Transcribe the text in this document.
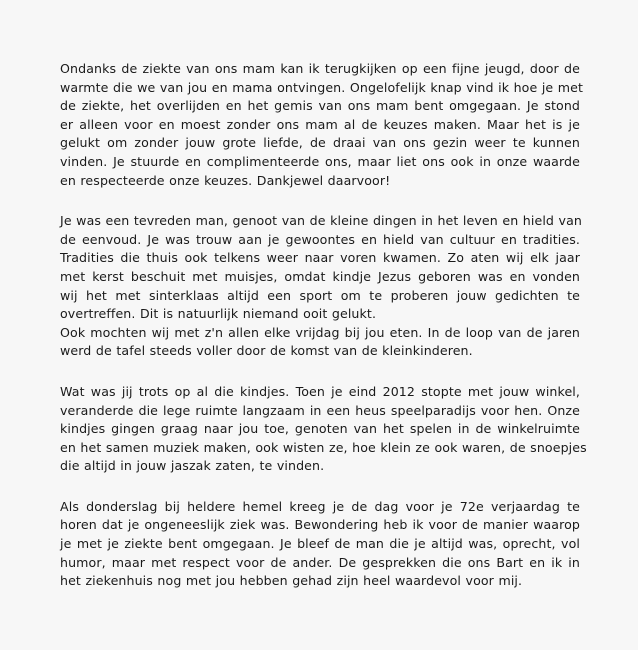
Ondanks de ziekte van ons mam kan ik terugkijken op een fijne jeugd, door de
warmte die we van jou en mama ontvingen. Ongelofelijk knap vind ik hoe je met
de ziekte, het overlijden en het gemis van ons mam bent omgegaan. Je stond
er alleen voor en moest zonder ons mam al de keuzes maken. Maar het is je
gelukt om zonder jouw grote liefde, de draai van ons gezin weer te kunnen
vinden. Je stuurde en complimenteerde ons, maar liet ons ook in onze waarde
en respecteerde onze keuzes. Dankjewel daarvoor!

Je was een tevreden man, genoot van de kleine dingen in het leven en hield van
de eenvoud. Je was trouw aan je gewoontes en hield van cultuur en tradities.
Tradities die thuis ook telkens weer naar voren kwamen. Zo aten wij elk jaar
met kerst beschuit met muisjes, omdat kindje Jezus geboren was en vonden
wij het met sinterklaas altijd een sport om te proberen jouw gedichten te
overtreffen. Dit is natuurlijk niemand ooit gelukt.
Ook mochten wij met z'n allen elke vrijdag bij jou eten. In de loop van de jaren
werd de tafel steeds voller door de komst van de kleinkinderen.

Wat was jij trots op al die kindjes. Toen je eind 2012 stopte met jouw winkel,
veranderde die lege ruimte langzaam in een heus speelparadijs voor hen. Onze
kindjes gingen graag naar jou toe, genoten van het spelen in de winkelruimte
en het samen muziek maken, ook wisten ze, hoe klein ze ook waren, de snoepjes
die altijd in jouw jaszak zaten, te vinden.

Als donderslag bij heldere hemel kreeg je de dag voor je 72e verjaardag te
horen dat je ongeneeslijk ziek was. Bewondering heb ik voor de manier waarop
je met je ziekte bent omgegaan. Je bleef de man die je altijd was, oprecht, vol
humor, maar met respect voor de ander. De gesprekken die ons Bart en ik in
het ziekenhuis nog met jou hebben gehad zijn heel waardevol voor mij.
